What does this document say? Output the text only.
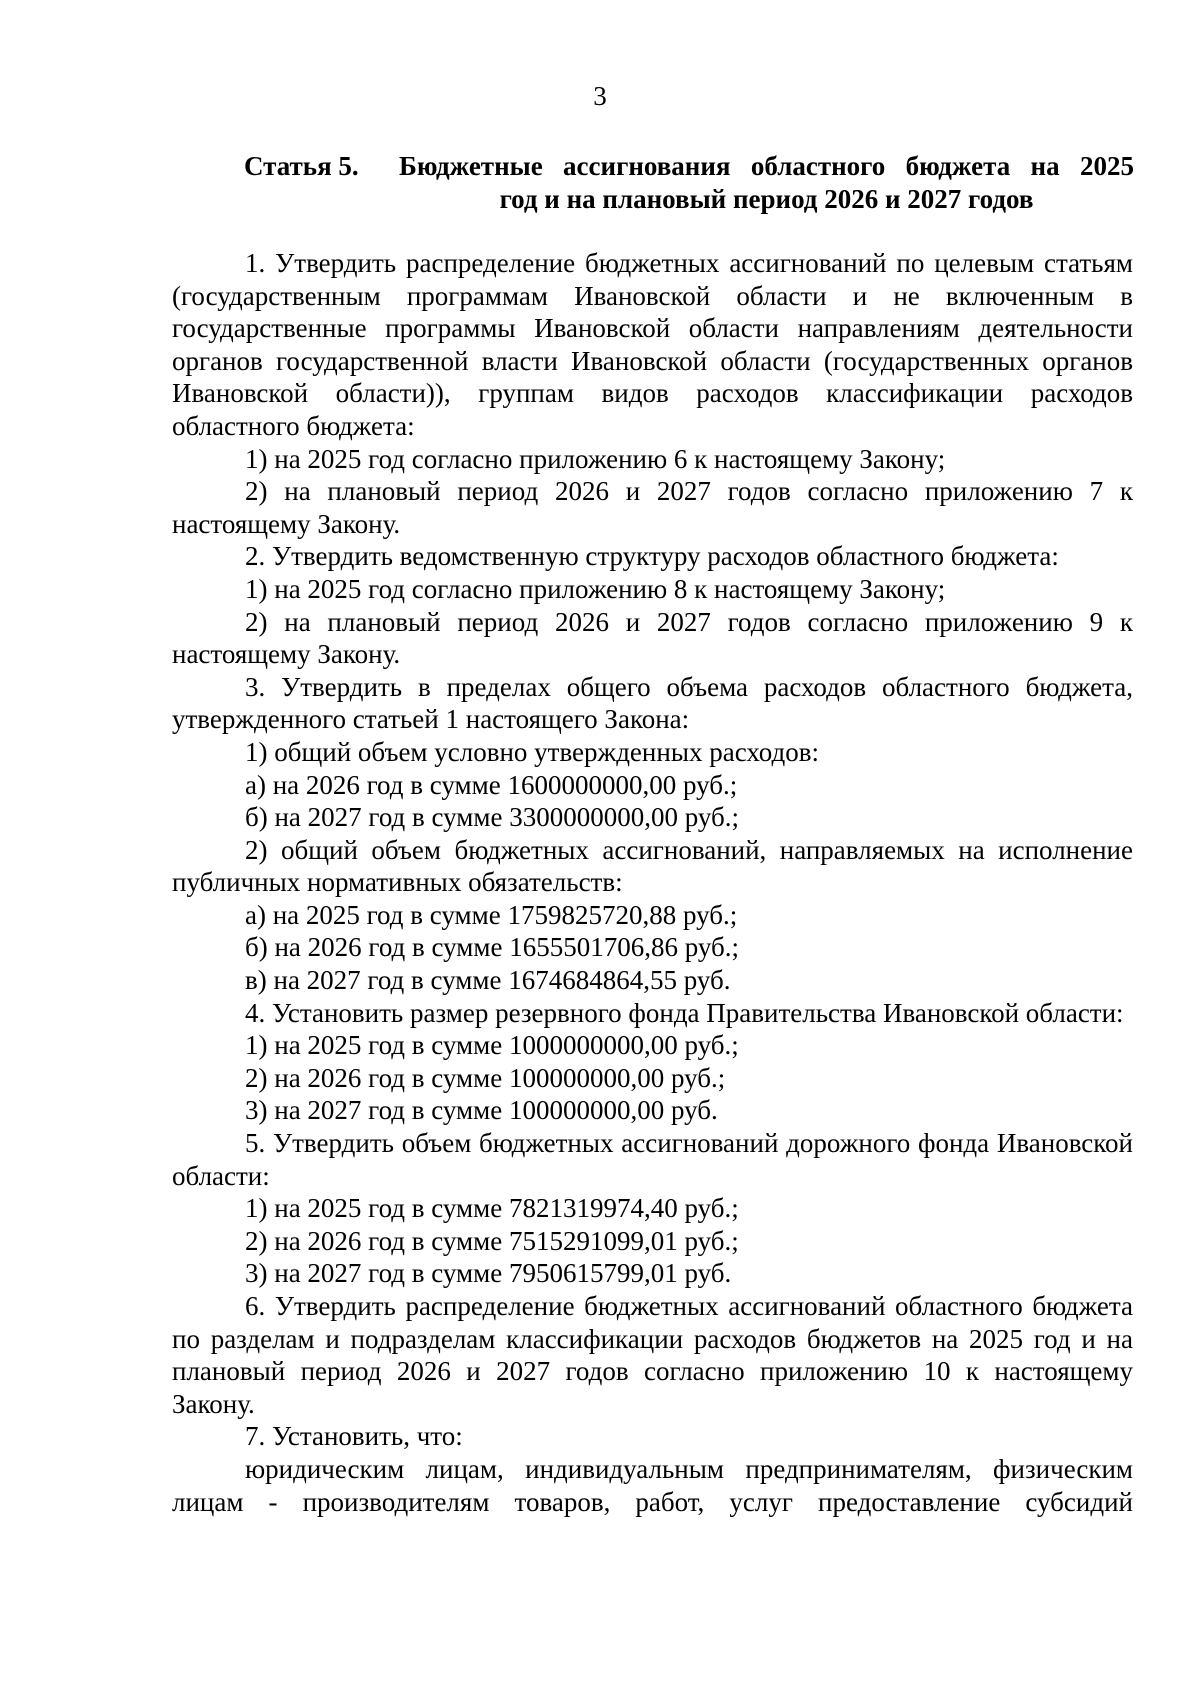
3
Статья 5. Бюджетные ассигнования областного бюджета на 2025
год и на плановый период 2026 и 2027 годов

1. Утвердить распределение бюджетных ассигнований по целевым статьям (государственным программам Ивановской области и не включенным в государственные программы Ивановской области направлениям деятельности органов государственной власти Ивановской области (государственных органов Ивановской области)), группам видов расходов классификации расходов областного бюджета:

1) на 2025 год согласно приложению 6 к настоящему Закону;

2) на плановый период 2026 и 2027 годов согласно приложению 7 к настоящему Закону.

2. Утвердить ведомственную структуру расходов областного бюджета:

1) на 2025 год согласно приложению 8 к настоящему Закону;

2) на плановый период 2026 и 2027 годов согласно приложению 9 к настоящему Закону.

3. Утвердить в пределах общего объема расходов областного бюджета, утвержденного статьей 1 настоящего Закона:

1) общий объем условно утвержденных расходов:

а) на 2026 год в сумме 1600000000,00 руб.;

б) на 2027 год в сумме 3300000000,00 руб.;

2) общий объем бюджетных ассигнований, направляемых на исполнение публичных нормативных обязательств:

а) на 2025 год в сумме 1759825720,88 руб.;

б) на 2026 год в сумме 1655501706,86 руб.;

в) на 2027 год в сумме 1674684864,55 руб.

4. Установить размер резервного фонда Правительства Ивановской области:

1) на 2025 год в сумме 1000000000,00 руб.;

2) на 2026 год в сумме 100000000,00 руб.;

3) на 2027 год в сумме 100000000,00 руб.

5. Утвердить объем бюджетных ассигнований дорожного фонда Ивановской области:

1) на 2025 год в сумме 7821319974,40 руб.;

2) на 2026 год в сумме 7515291099,01 руб.;

3) на 2027 год в сумме 7950615799,01 руб.

6. Утвердить распределение бюджетных ассигнований областного бюджета по разделам и подразделам классификации расходов бюджетов на 2025 год и на плановый период 2026 и 2027 годов согласно приложению 10 к настоящему Закону.

7. Установить, что:

юридическим лицам, индивидуальным предпринимателям, физическим лицам - производителям товаров, работ, услуг предоставление субсидий
